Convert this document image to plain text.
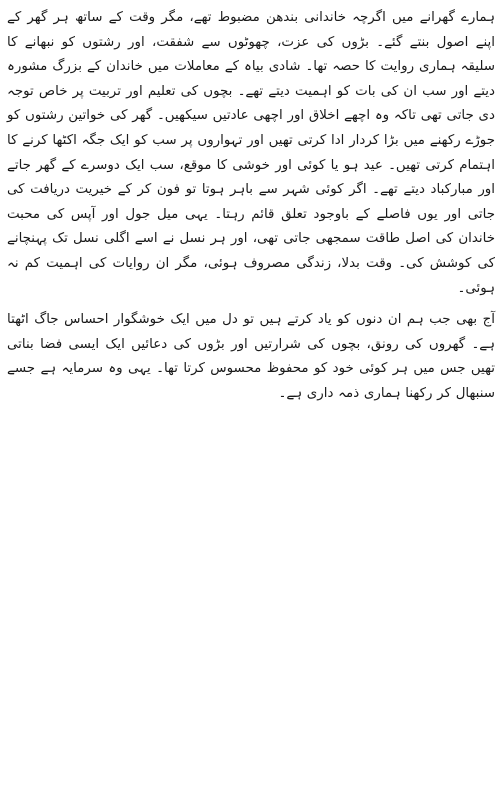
ہمارے گھرانے میں اگرچہ خاندانی بندھن مضبوط تھے، مگر وقت کے ساتھ ہر گھر کے اپنے اصول بنتے گئے۔ بڑوں کی عزت، چھوٹوں سے شفقت، اور رشتوں کو نبھانے کا سلیقہ ہماری روایت کا حصہ تھا۔ شادی بیاہ کے معاملات میں خاندان کے بزرگ مشورہ دیتے اور سب ان کی بات کو اہمیت دیتے تھے۔ بچوں کی تعلیم اور تربیت پر خاص توجہ دی جاتی تھی تاکہ وہ اچھے اخلاق اور اچھی عادتیں سیکھیں۔ گھر کی خواتین رشتوں کو جوڑے رکھنے میں بڑا کردار ادا کرتی تھیں اور تہواروں پر سب کو ایک جگہ اکٹھا کرنے کا اہتمام کرتی تھیں۔ عید ہو یا کوئی اور خوشی کا موقع، سب ایک دوسرے کے گھر جاتے اور مبارکباد دیتے تھے۔ اگر کوئی شہر سے باہر ہوتا تو فون کر کے خیریت دریافت کی جاتی اور یوں فاصلے کے باوجود تعلق قائم رہتا۔ یہی میل جول اور آپس کی محبت خاندان کی اصل طاقت سمجھی جاتی تھی، اور ہر نسل نے اسے اگلی نسل تک پہنچانے کی کوشش کی۔ وقت بدلا، زندگی مصروف ہوئی، مگر ان روایات کی اہمیت کم نہ ہوئی۔

آج بھی جب ہم ان دنوں کو یاد کرتے ہیں تو دل میں ایک خوشگوار احساس جاگ اٹھتا ہے۔ گھروں کی رونق، بچوں کی شرارتیں اور بڑوں کی دعائیں ایک ایسی فضا بناتی تھیں جس میں ہر کوئی خود کو محفوظ محسوس کرتا تھا۔ یہی وہ سرمایہ ہے جسے سنبھال کر رکھنا ہماری ذمہ داری ہے۔
